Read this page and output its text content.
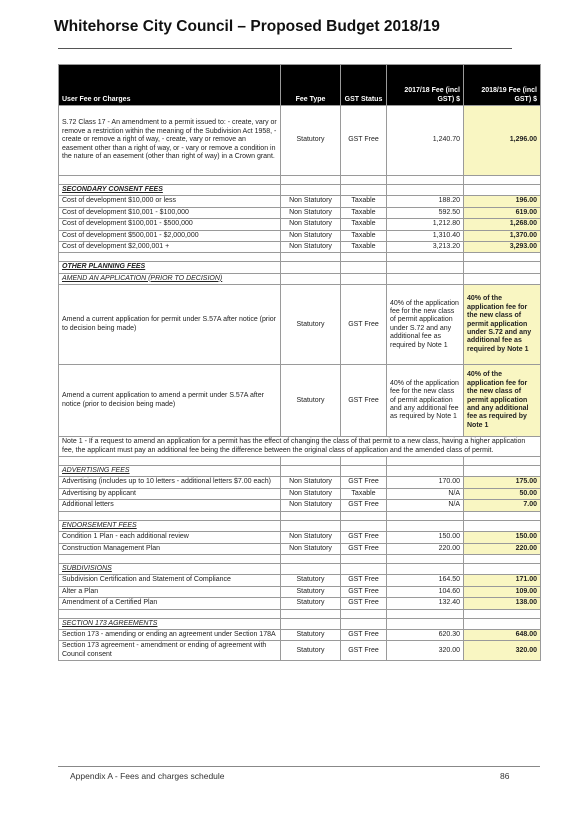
Whitehorse City Council – Proposed Budget 2018/19
User Fee or Charges	Fee Type	GST Status	2017/18 Fee (incl GST) $	2018/19 Fee (incl GST) $
S.72 Class 17 - An amendment to a permit issued to: - create, vary or remove a restriction within the meaning of the Subdivision Act 1958, - create or remove a right of way, - create, vary or remove an easement other than a right of way, or - vary or remove a condition in the nature of an easement (other than right of way) in a Crown grant.	Statutory	GST Free	1,240.70	1,296.00

SECONDARY CONSENT FEES				
Cost of development $10,000 or less	Non Statutory	Taxable	188.20	196.00
Cost of development $10,001 - $100,000	Non Statutory	Taxable	592.50	619.00
Cost of development $100,001 - $500,000	Non Statutory	Taxable	1,212.80	1,268.00
Cost of development $500,001 - $2,000,000	Non Statutory	Taxable	1,310.40	1,370.00
Cost of development $2,000,001 +	Non Statutory	Taxable	3,213.20	3,293.00

OTHER PLANNING FEES				
AMEND AN APPLICATION (PRIOR TO DECISION)				
Amend a current application for permit under S.57A after notice (prior to decision being made)	Statutory	GST Free	40% of the application fee for the new class of permit application under S.72 and any additional fee as required by Note 1	40% of the application fee for the new class of permit application under S.72 and any additional fee as required by Note 1
Amend a current application to amend a permit under S.57A after notice (prior to decision being made)	Statutory	GST Free	40% of the application fee for the new class of permit application and any additional fee as required by Note 1	40% of the application fee for the new class of permit application and any additional fee as required by Note 1
Note 1 - If a request to amend an application for a permit has the effect of changing the class of that permit to a new class, having a higher application fee, the applicant must pay an additional fee being the difference between the original class of application and the amended class of permit.				

ADVERTISING FEES				
Advertising (includes up to 10 letters - additional letters $7.00 each)	Non Statutory	GST Free	170.00	175.00
Advertising by applicant	Non Statutory	Taxable	N/A	50.00
Additional letters	Non Statutory	GST Free	N/A	7.00

ENDORSEMENT FEES				
Condition 1 Plan - each additional review	Non Statutory	GST Free	150.00	150.00
Construction Management Plan	Non Statutory	GST Free	220.00	220.00

SUBDIVISIONS				
Subdivision Certification and Statement of Compliance	Statutory	GST Free	164.50	171.00
Alter a Plan	Statutory	GST Free	104.60	109.00
Amendment of a Certified Plan	Statutory	GST Free	132.40	138.00

SECTION 173 AGREEMENTS				
Section 173 - amending or ending an agreement under Section 178A	Statutory	GST Free	620.30	648.00
Section 173 agreement - amendment or ending of agreement with Council consent	Statutory	GST Free	320.00	320.00
Appendix A - Fees and charges schedule	86
